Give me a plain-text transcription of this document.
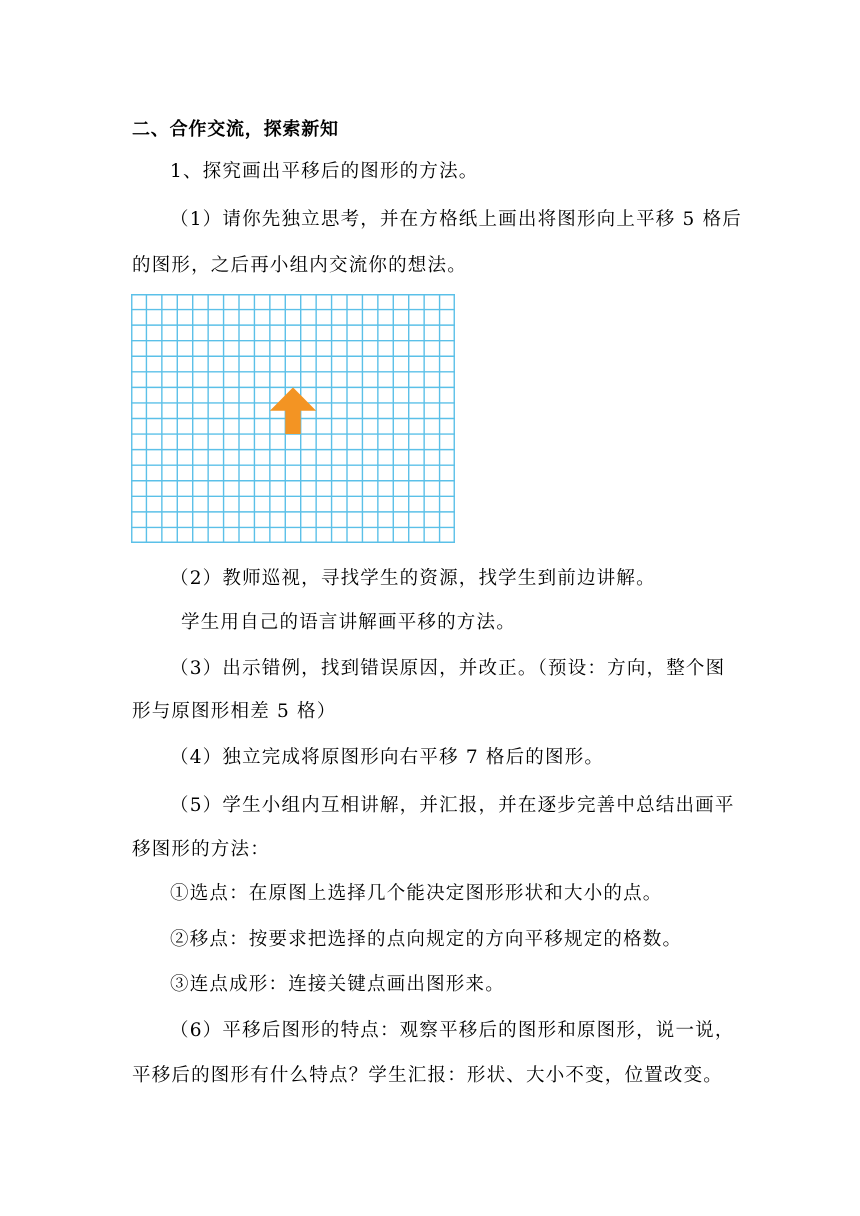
二、合作交流，探索新知
1、探究画出平移后的图形的方法。
（1）请你先独立思考，并在方格纸上画出将图形向上平移 5 格后
的图形，之后再小组内交流你的想法。
（2）教师巡视，寻找学生的资源，找学生到前边讲解。
学生用自己的语言讲解画平移的方法。
（3）出示错例，找到错误原因，并改正。（预设：方向，整个图
形与原图形相差 5 格）
（4）独立完成将原图形向右平移 7 格后的图形。
（5）学生小组内互相讲解，并汇报，并在逐步完善中总结出画平
移图形的方法：
①选点：在原图上选择几个能决定图形形状和大小的点。
②移点：按要求把选择的点向规定的方向平移规定的格数。
③连点成形：连接关键点画出图形来。
（6）平移后图形的特点：观察平移后的图形和原图形，说一说，
平移后的图形有什么特点？学生汇报：形状、大小不变，位置改变。
